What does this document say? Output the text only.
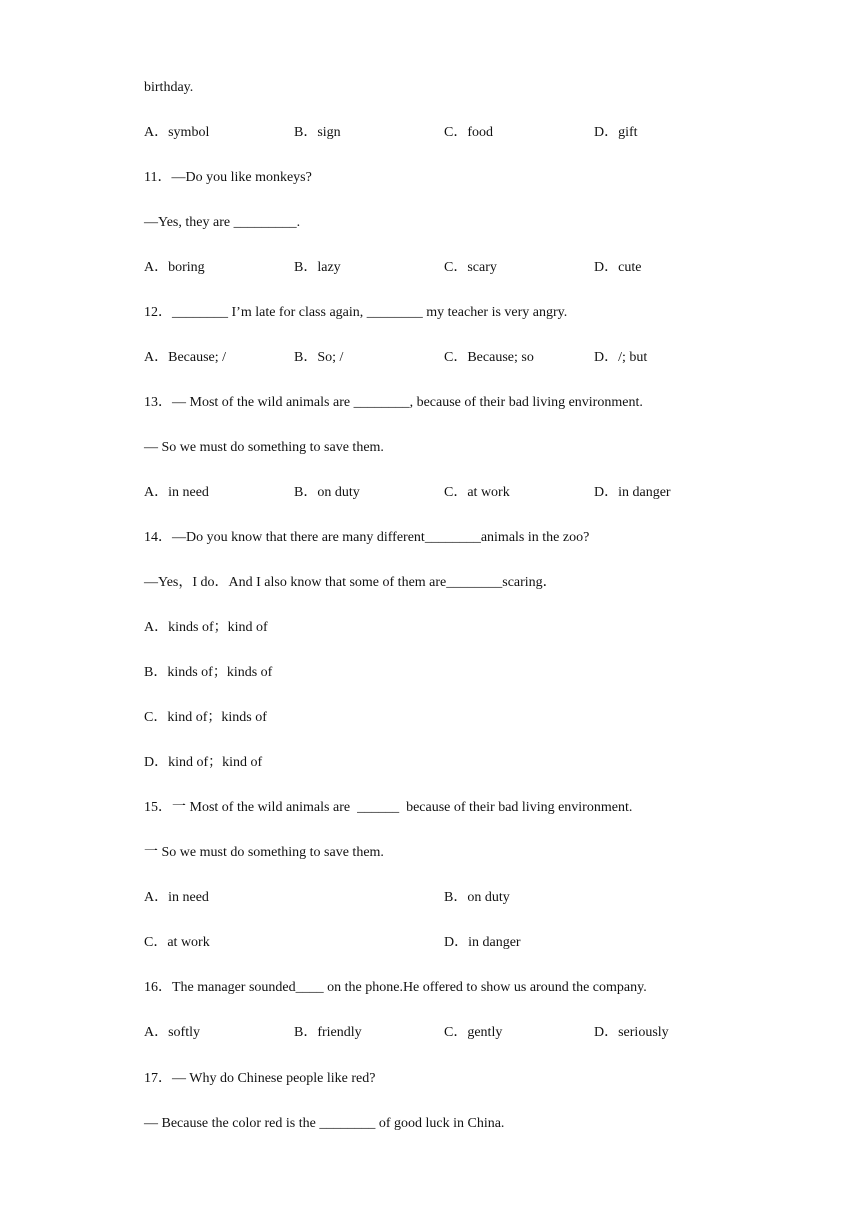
birthday.
A．symbol	B．sign	C．food	D．gift
11．—Do you like monkeys?
—Yes, they are _________.
A．boring	B．lazy	C．scary	D．cute
12．________ I’m late for class again, ________ my teacher is very angry.
A．Because; /	B．So; /	C．Because; so	D．/; but
13．— Most of the wild animals are ________, because of their bad living environment.
— So we must do something to save them.
A．in need	B．on duty	C．at work	D．in danger
14．—Do you know that there are many different________animals in the zoo?
—Yes，I do．And I also know that some of them are________scaring．
A．kinds of；kind of
B．kinds of；kinds of
C．kind of；kinds of
D．kind of；kind of
15．一 Most of the wild animals are  ______  because of their bad living environment.
一 So we must do something to save them.
A．in need	B．on duty
C．at work	D．in danger
16．The manager sounded____ on the phone.He offered to show us around the company.
A．softly	B．friendly	C．gently	D．seriously
17．— Why do Chinese people like red?
— Because the color red is the ________ of good luck in China.
